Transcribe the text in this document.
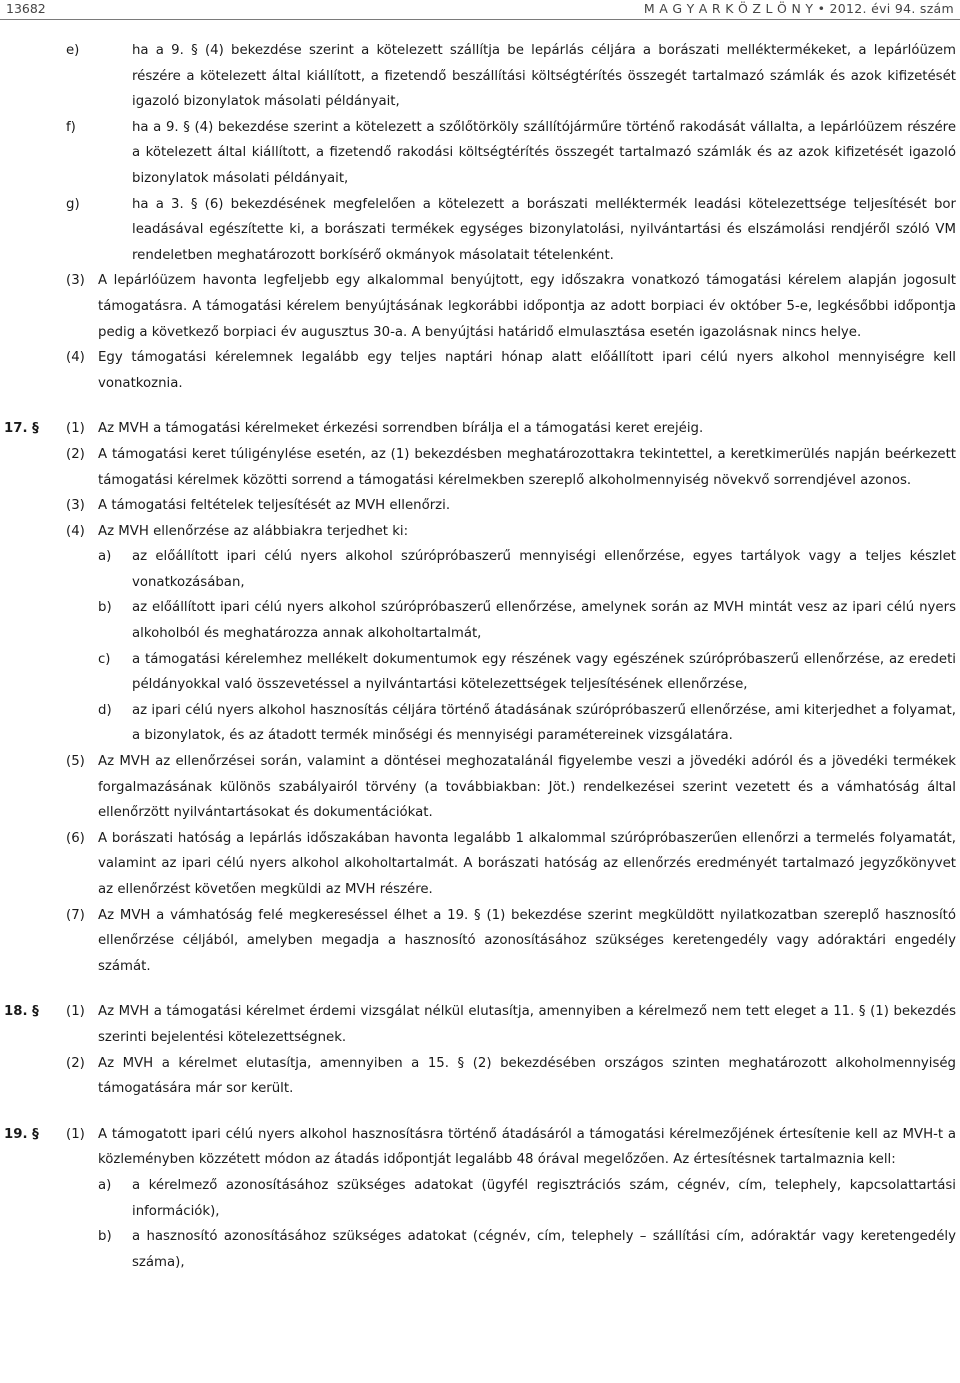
13682	M A G Y A R K Ö Z L Ö N Y • 2012. évi 94. szám
e)	ha a 9. § (4) bekezdése szerint a kötelezett szállítja be lepárlás céljára a borászati melléktermékeket, a lepárlóüzem részére a kötelezett által kiállított, a fizetendő beszállítási költségtérítés összegét tartalmazó számlák és azok kifizetését igazoló bizonylatok másolati példányait,
f)	ha a 9. § (4) bekezdése szerint a kötelezett a szőlőtörköly szállítójárműre történő rakodását vállalta, a lepárlóüzem részére a kötelezett által kiállított, a fizetendő rakodási költségtérítés összegét tartalmazó számlák és az azok kifizetését igazoló bizonylatok másolati példányait,
g)	ha a 3. § (6) bekezdésének megfelelően a kötelezett a borászati melléktermék leadási kötelezettsége teljesítését bor leadásával egészítette ki, a borászati termékek egységes bizonylatolási, nyilvántartási és elszámolási rendjéről szóló VM rendeletben meghatározott borkísérő okmányok másolatait tételenként.
(3) A lepárlóüzem havonta legfeljebb egy alkalommal benyújtott, egy időszakra vonatkozó támogatási kérelem alapján jogosult támogatásra. A támogatási kérelem benyújtásának legkorábbi időpontja az adott borpiaci év október 5-e, legkésőbbi időpontja pedig a következő borpiaci év augusztus 30-a. A benyújtási határidő elmulasztása esetén igazolásnak nincs helye.
(4) Egy támogatási kérelemnek legalább egy teljes naptári hónap alatt előállított ipari célú nyers alkohol mennyiségre kell vonatkoznia.
17. § (1) Az MVH a támogatási kérelmeket érkezési sorrendben bírálja el a támogatási keret erejéig.
(2) A támogatási keret túligénylése esetén, az (1) bekezdésben meghatározottakra tekintettel, a keretkimerülés napján beérkezett támogatási kérelmek közötti sorrend a támogatási kérelmekben szereplő alkoholmennyiség növekvő sorrendjével azonos.
(3) A támogatási feltételek teljesítését az MVH ellenőrzi.
(4) Az MVH ellenőrzése az alábbiakra terjedhet ki:
a) az előállított ipari célú nyers alkohol szúrópróbaszerű mennyiségi ellenőrzése, egyes tartályok vagy a teljes készlet vonatkozásában,
b) az előállított ipari célú nyers alkohol szúrópróbaszerű ellenőrzése, amelynek során az MVH mintát vesz az ipari célú nyers alkoholból és meghatározza annak alkoholtartalmát,
c) a támogatási kérelemhez mellékelt dokumentumok egy részének vagy egészének szúrópróbaszerű ellenőrzése, az eredeti példányokkal való összevetéssel a nyilvántartási kötelezettségek teljesítésének ellenőrzése,
d) az ipari célú nyers alkohol hasznosítás céljára történő átadásának szúrópróbaszerű ellenőrzése, ami kiterjedhet a folyamat, a bizonylatok, és az átadott termék minőségi és mennyiségi paramétereinek vizsgálatára.
(5) Az MVH az ellenőrzései során, valamint a döntései meghozatalánál figyelembe veszi a jövedéki adóról és a jövedéki termékek forgalmazásának különös szabályairól törvény (a továbbiakban: Jöt.) rendelkezései szerint vezetett és a vámhatóság által ellenőrzött nyilvántartásokat és dokumentációkat.
(6) A borászati hatóság a lepárlás időszakában havonta legalább 1 alkalommal szúrópróbaszerűen ellenőrzi a termelés folyamatát, valamint az ipari célú nyers alkohol alkoholtartalmát. A borászati hatóság az ellenőrzés eredményét tartalmazó jegyzőkönyvet az ellenőrzést követően megküldi az MVH részére.
(7) Az MVH a vámhatóság felé megkereséssel élhet a 19. § (1) bekezdése szerint megküldött nyilatkozatban szereplő hasznosító ellenőrzése céljából, amelyben megadja a hasznosító azonosításához szükséges keretengedély vagy adóraktári engedély számát.
18. § (1) Az MVH a támogatási kérelmet érdemi vizsgálat nélkül elutasítja, amennyiben a kérelmező nem tett eleget a 11. § (1) bekezdés szerinti bejelentési kötelezettségnek.
(2) Az MVH a kérelmet elutasítja, amennyiben a 15. § (2) bekezdésében országos szinten meghatározott alkoholmennyiség támogatására már sor került.
19. § (1) A támogatott ipari célú nyers alkohol hasznosításra történő átadásáról a támogatási kérelmezőjének értesítenie kell az MVH-t a közleményben közzétett módon az átadás időpontját legalább 48 órával megelőzően. Az értesítésnek tartalmaznia kell:
a) a kérelmező azonosításához szükséges adatokat (ügyfél regisztrációs szám, cégnév, cím, telephely, kapcsolattartási információk),
b) a hasznosító azonosításához szükséges adatokat (cégnév, cím, telephely – szállítási cím, adóraktár vagy keretengedély száma),
